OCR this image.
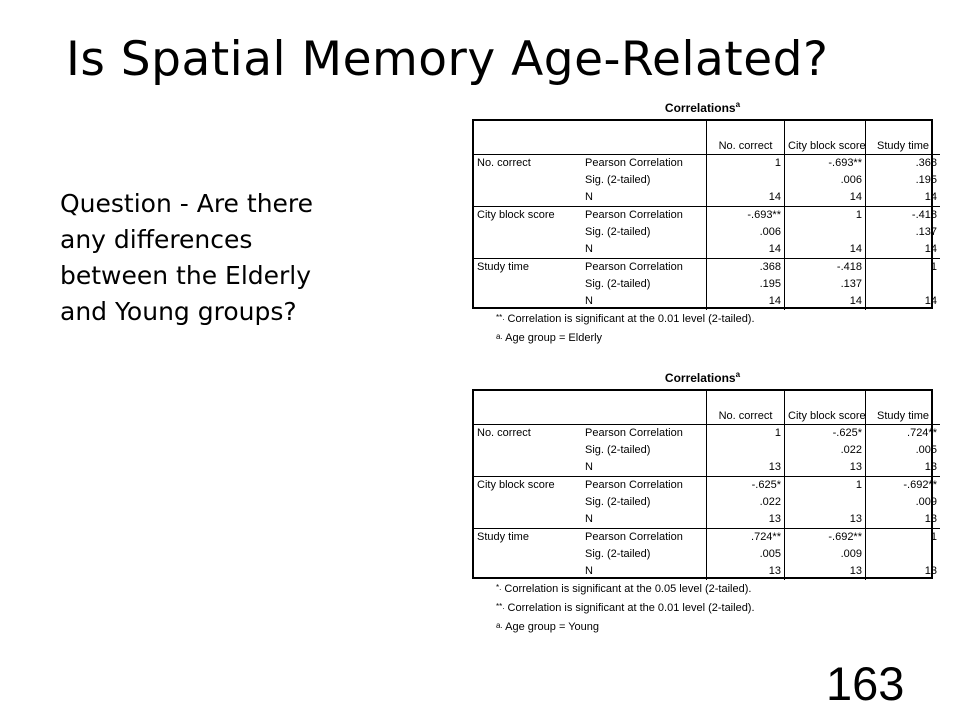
Is Spatial Memory Age-Related?

Question - Are there
any differences
between the Elderly
and Young groups?

163
Correlations$^a$
		No. correct	City block score	Study time
No. correct	Pearson Correlation	1	-.693**	.368
	Sig. (2-tailed)		.006	.195
	N	14	14	14
City block score	Pearson Correlation	-.693**	1	-.418
	Sig. (2-tailed)	.006		.137
	N	14	14	14
Study time	Pearson Correlation	.368	-.418	1
	Sig. (2-tailed)	.195	.137	
	N	14	14	14
**. Correlation is significant at the 0.01 level (2-tailed).
$^{a.}$ Age group = Elderly
Correlations$^a$
		No. correct	City block score	Study time
No. correct	Pearson Correlation	1	-.625*	.724**
	Sig. (2-tailed)		.022	.005
	N	13	13	13
City block score	Pearson Correlation	-.625*	1	-.692**
	Sig. (2-tailed)	.022		.009
	N	13	13	13
Study time	Pearson Correlation	.724**	-.692**	1
	Sig. (2-tailed)	.005	.009	
	N	13	13	13
*. Correlation is significant at the 0.05 level (2-tailed).
**. Correlation is significant at the 0.01 level (2-tailed).
$^{a.}$ Age group = Young
